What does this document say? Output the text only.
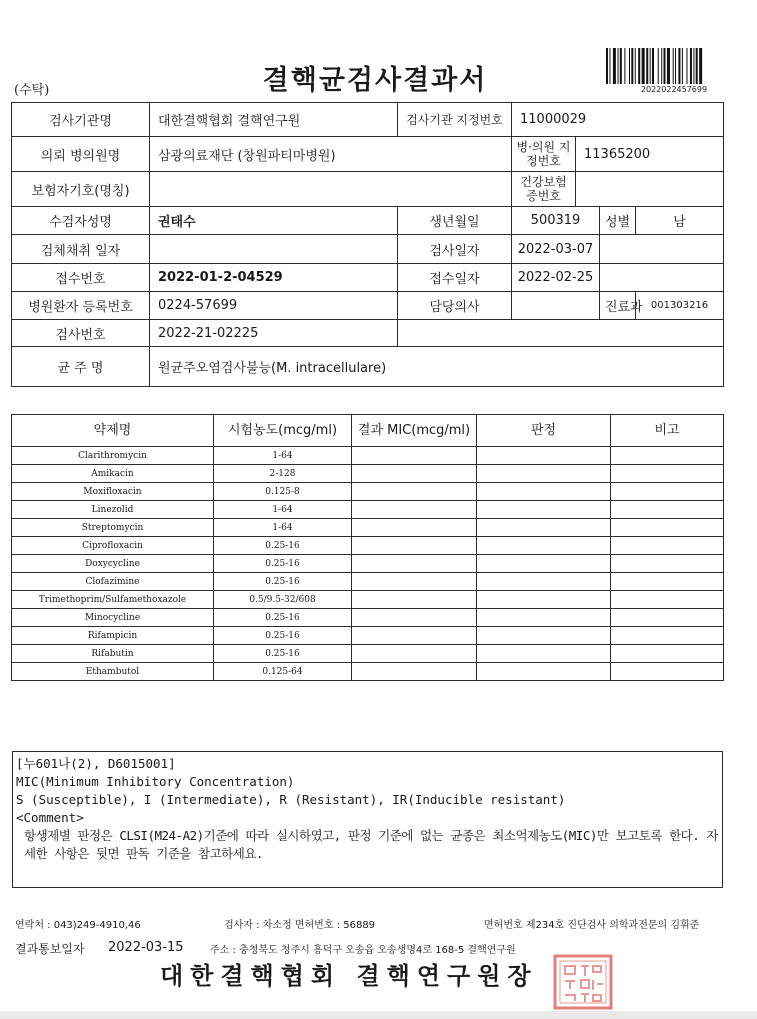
(수탁)	결핵균검사결과서	2022022457699
검사기관명	대한결핵협회 결핵연구원	검사기관 지정번호	11000029			
의뢰 병의원명	삼광의료재단 (창원파티마병원)		병·의원 지정번호	11365200		
보험자기호(명칭)			건강보험 증번호			
수검자성명	권태수	생년월일	500319		성별	남
검체채취 일자		검사일자	2022-03-07			
접수번호	2022-01-2-04529	접수일자	2022-02-25			
병원환자 등록번호	0224-57699	담당의사			진료과	001303216
검사번호	2022-21-02225					
균 주 명	원균주오염검사불능(M. intracellulare)					
약제명	시험농도(mcg/ml)	결과 MIC(mcg/ml)	판정	비고
Clarithromycin	1-64			
Amikacin	2-128			
Moxifloxacin	0.125-8			
Linezolid	1-64			
Streptomycin	1-64			
Ciprofloxacin	0.25-16			
Doxycycline	0.25-16			
Clofazimine	0.25-16			
Trimethoprim/Sulfamethoxazole	0.5/9.5-32/608			
Minocycline	0.25-16			
Rifampicin	0.25-16			
Rifabutin	0.25-16			
Ethambutol	0.125-64			
[누601나(2), D6015001]
MIC(Minimum Inhibitory Concentration)
S (Susceptible), I (Intermediate), R (Resistant), IR(Inducible resistant)
<Comment>
항생제별 판정은 CLSI(M24-A2)기준에 따라 실시하였고, 판정 기준에 없는 균종은 최소억제농도(MIC)만 보고토록 한다. 자세한 사항은 뒷면 판독 기준을 참고하세요.
연락처 : 043)249-4910,46	검사자 : 차소정 면허번호 : 56889	면허번호 제234호 진단검사 의학과전문의 김휘준
결과통보일자 2022-03-15	주소 : 충청북도 청주시 흥덕구 오송읍 오송생명4로 168-5 결핵연구원
대한결핵협회 결핵연구원장
